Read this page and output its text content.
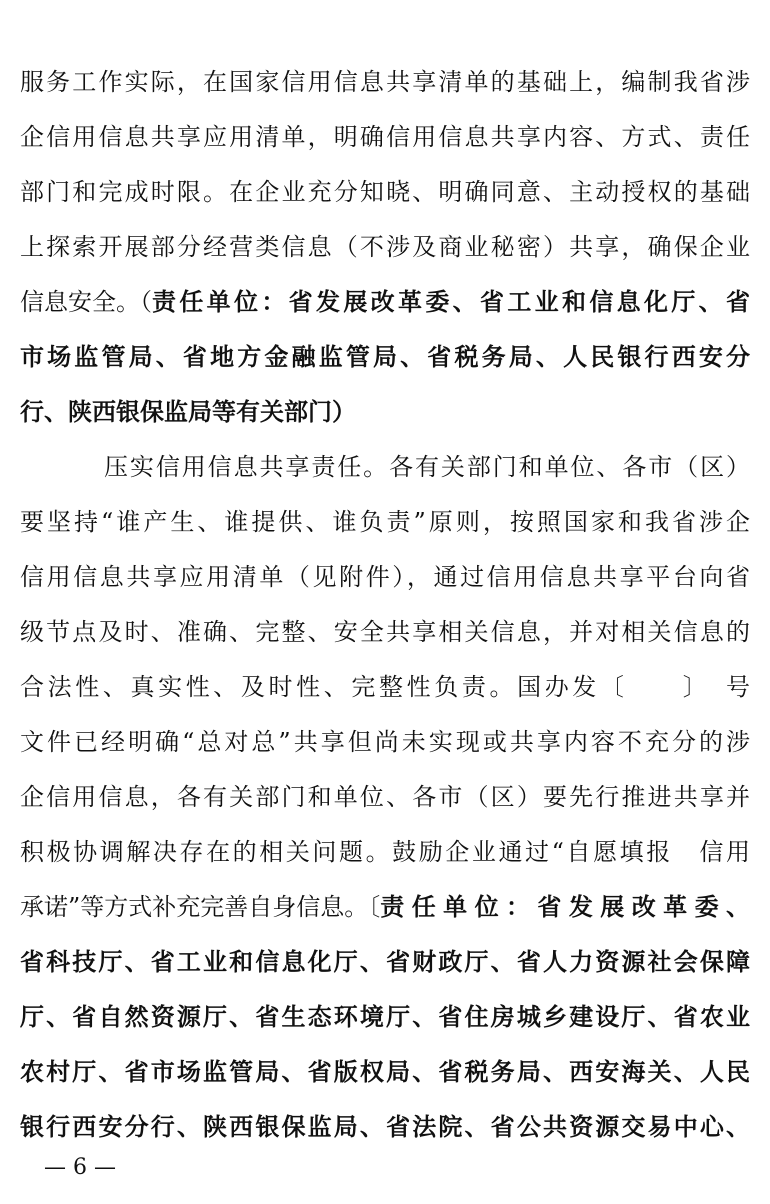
服务工作实际，在国家信用信息共享清单的基础上，编制我省涉
企信用信息共享应用清单，明确信用信息共享内容、方式、责任
部门和完成时限。在企业充分知晓、明确同意、主动授权的基础
上探索开展部分经营类信息（不涉及商业秘密）共享，确保企业
信息安全。（ 责任单位：省发展改革委、省工业和信息化厅、省
市场监管局、省地方金融监管局、省税务局、人民银行西安分
行、陕西银保监局等有关部门）
压实信用信息共享责任。各有关部门和单位、各市（区）
要坚持“谁产生、谁提供、谁负责”原则，按照国家和我省涉企
信用信息共享应用清单（见附件），通过信用信息共享平台向省
级节点及时、准确、完整、安全共享相关信息，并对相关信息的
合法性、真实性、及时性、完整性负责。国办发〔　　〕　号
文件已经明确“总对总”共享但尚未实现或共享内容不充分的涉
企信用信息，各有关部门和单位、各市（区）要先行推进共享并
积极协调解决存在的相关问题。鼓励企业通过“自愿填报　信用
承诺”等方式补充完善自身信息。〔 责任单位：省发展改革委、
省科技厅、省工业和信息化厅、省财政厅、省人力资源社会保障
厅、省自然资源厅、省生态环境厅、省住房城乡建设厅、省农业
农村厅、省市场监管局、省版权局、省税务局、西安海关、人民
银行西安分行、陕西银保监局、省法院、省公共资源交易中心、
— 6 —
